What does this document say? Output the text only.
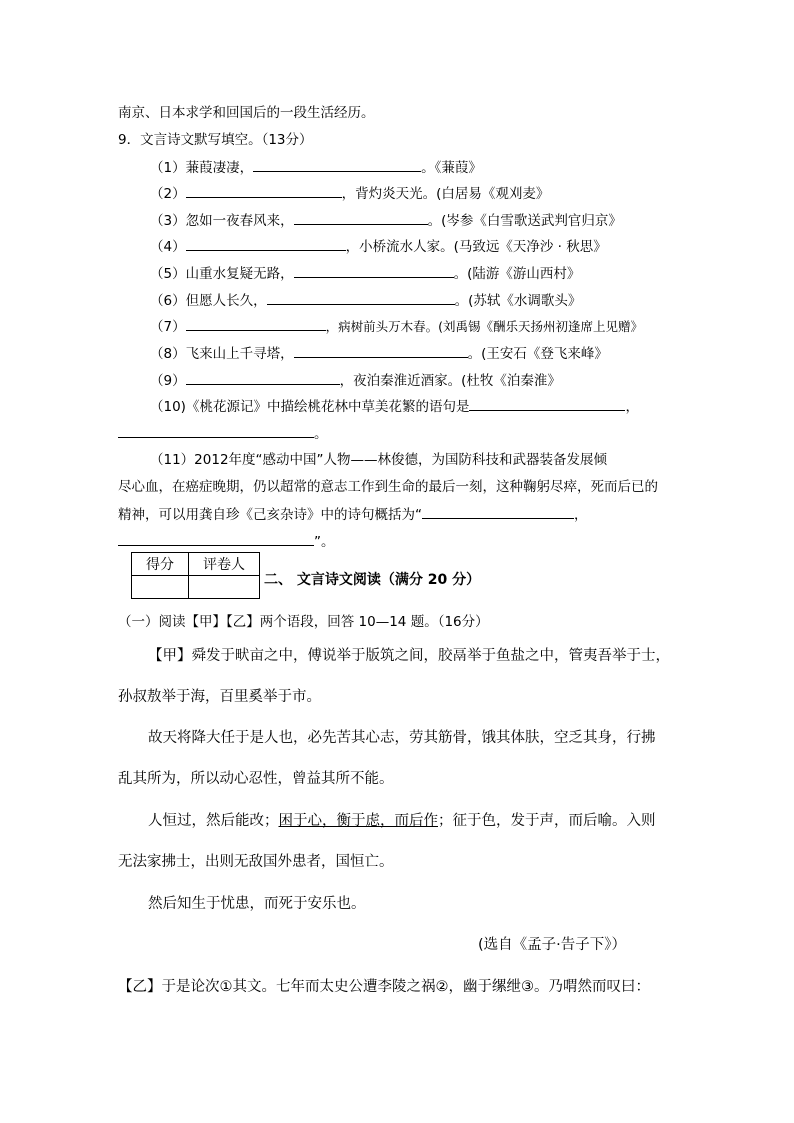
南京、日本求学和回国后的一段生活经历。
9．文言诗文默写填空。（13分）
（1）蒹葭凄凄，	。《蒹葭》
（2）	，背灼炎天光。(白居易《观刈麦》
（3）忽如一夜春风来，	。(岑参《白雪歌送武判官归京》
（4）	，小桥流水人家。(马致远《天净沙 · 秋思》
（5）山重水复疑无路，	。(陆游《游山西村》
（6）但愿人长久，	。(苏轼《水调歌头》
（7）	，病树前头万木春。(刘禹锡《酬乐天扬州初逢席上见赠》
（8）飞来山上千寻塔，	。(王安石《登飞来峰》
（9）	，夜泊秦淮近酒家。(杜牧《泊秦淮》
（10)《桃花源记》中描绘桃花林中草美花繁的语句是	，
。
（11）2012年度“感动中国”人物——林俊德，为国防科技和武器装备发展倾
尽心血，在癌症晚期，仍以超常的意志工作到生命的最后一刻，这种鞠躬尽瘁，死而后已的
精神，可以用龚自珍《己亥杂诗》中的诗句概括为“	，
”。
得分	评卷人

二、 文言诗文阅读（满分 20 分）
（一）阅读【甲】【乙】两个语段，回答 10—14 题。（16分）
【甲】舜发于畎亩之中，傅说举于版筑之间，胶鬲举于鱼盐之中，管夷吾举于士，
孙叔敖举于海，百里奚举于市。
故天将降大任于是人也，必先苦其心志，劳其筋骨，饿其体肤，空乏其身，行拂
乱其所为，所以动心忍性，曾益其所不能。
人恒过，然后能改；困于心，衡于虑，而后作；征于色，发于声，而后喻。入则
无法家拂士，出则无敌国外患者，国恒亡。
然后知生于忧患，而死于安乐也。
(选自《孟子·告子下》）
【乙】于是论次①其文。七年而太史公遭李陵之祸②，幽于缧绁③。乃喟然而叹曰：
